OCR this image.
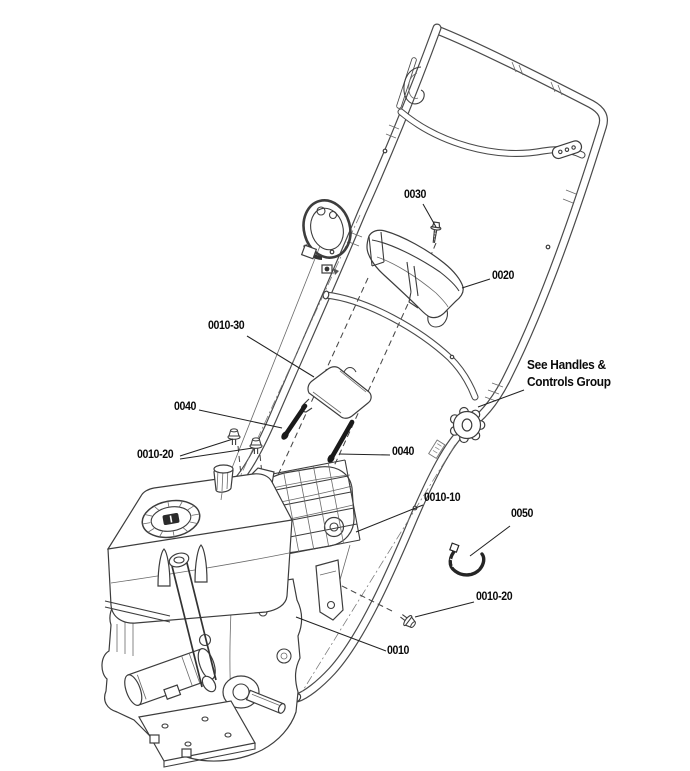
0030
0020
0010-30
0040
0010-20	0040
0010-10
0050
0010-20
0010
See Handles &
Controls Group
